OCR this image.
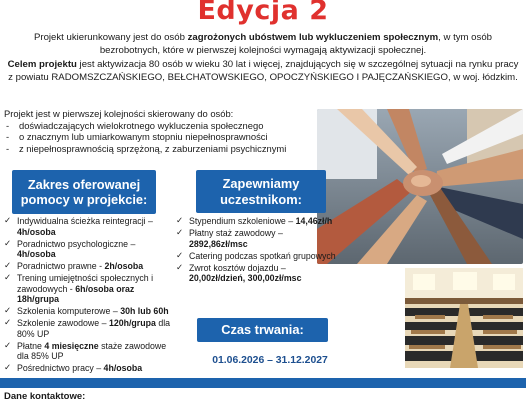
Edycja 2

Projekt ukierunkowany jest do osób zagrożonych ubóstwem lub wykluczeniem społecznym, w tym osób bezrobotnych, które w pierwszej kolejności wymagają aktywizacji społecznej.

Celem projektu jest aktywizacja 80 osób w wieku 30 lat i więcej, znajdujących się w szczególnej sytuacji na rynku pracy z powiatu RADOMSZCZAŃSKIEGO, BEŁCHATOWSKIEGO, OPOCZYŃSKIEGO I PAJĘCZAŃSKIEGO, w woj. łódzkim.

Projekt jest w pierwszej kolejności skierowany do osób:
- doświadczających wielokrotnego wykluczenia społecznego
- o znacznym lub umiarkowanym stopniu niepełnosprawności
- z niepełnosprawnością sprzężoną, z zaburzeniami psychicznymi
Zakres oferowanej pomocy w projekcie:
✓ Indywidualna ścieżka reintegracji – 4h/osoba
✓ Poradnictwo psychologiczne – 4h/osoba
✓ Poradnictwo prawne - 2h/osoba
✓ Trening umiejętności społecznych i zawodowych - 6h/osoba oraz 18h/grupa
✓ Szkolenia komputerowe – 30h lub 60h
✓ Szkolenie zawodowe – 120h/grupa dla 80% UP
✓ Płatne 4 miesięczne staże zawodowe dla 85% UP
✓ Pośrednictwo pracy – 4h/osoba
Zapewniamy uczestnikom:
✓ Stypendium szkoleniowe – 14,46zł/h
✓ Płatny staż zawodowy – 2892,86zł/msc
✓ Catering podczas spotkań grupowych
✓ Zwrot kosztów dojazdu – 20,00zł/dzień, 300,00zł/msc
Czas trwania:
01.06.2026 – 31.12.2027
Dane kontaktowe:
